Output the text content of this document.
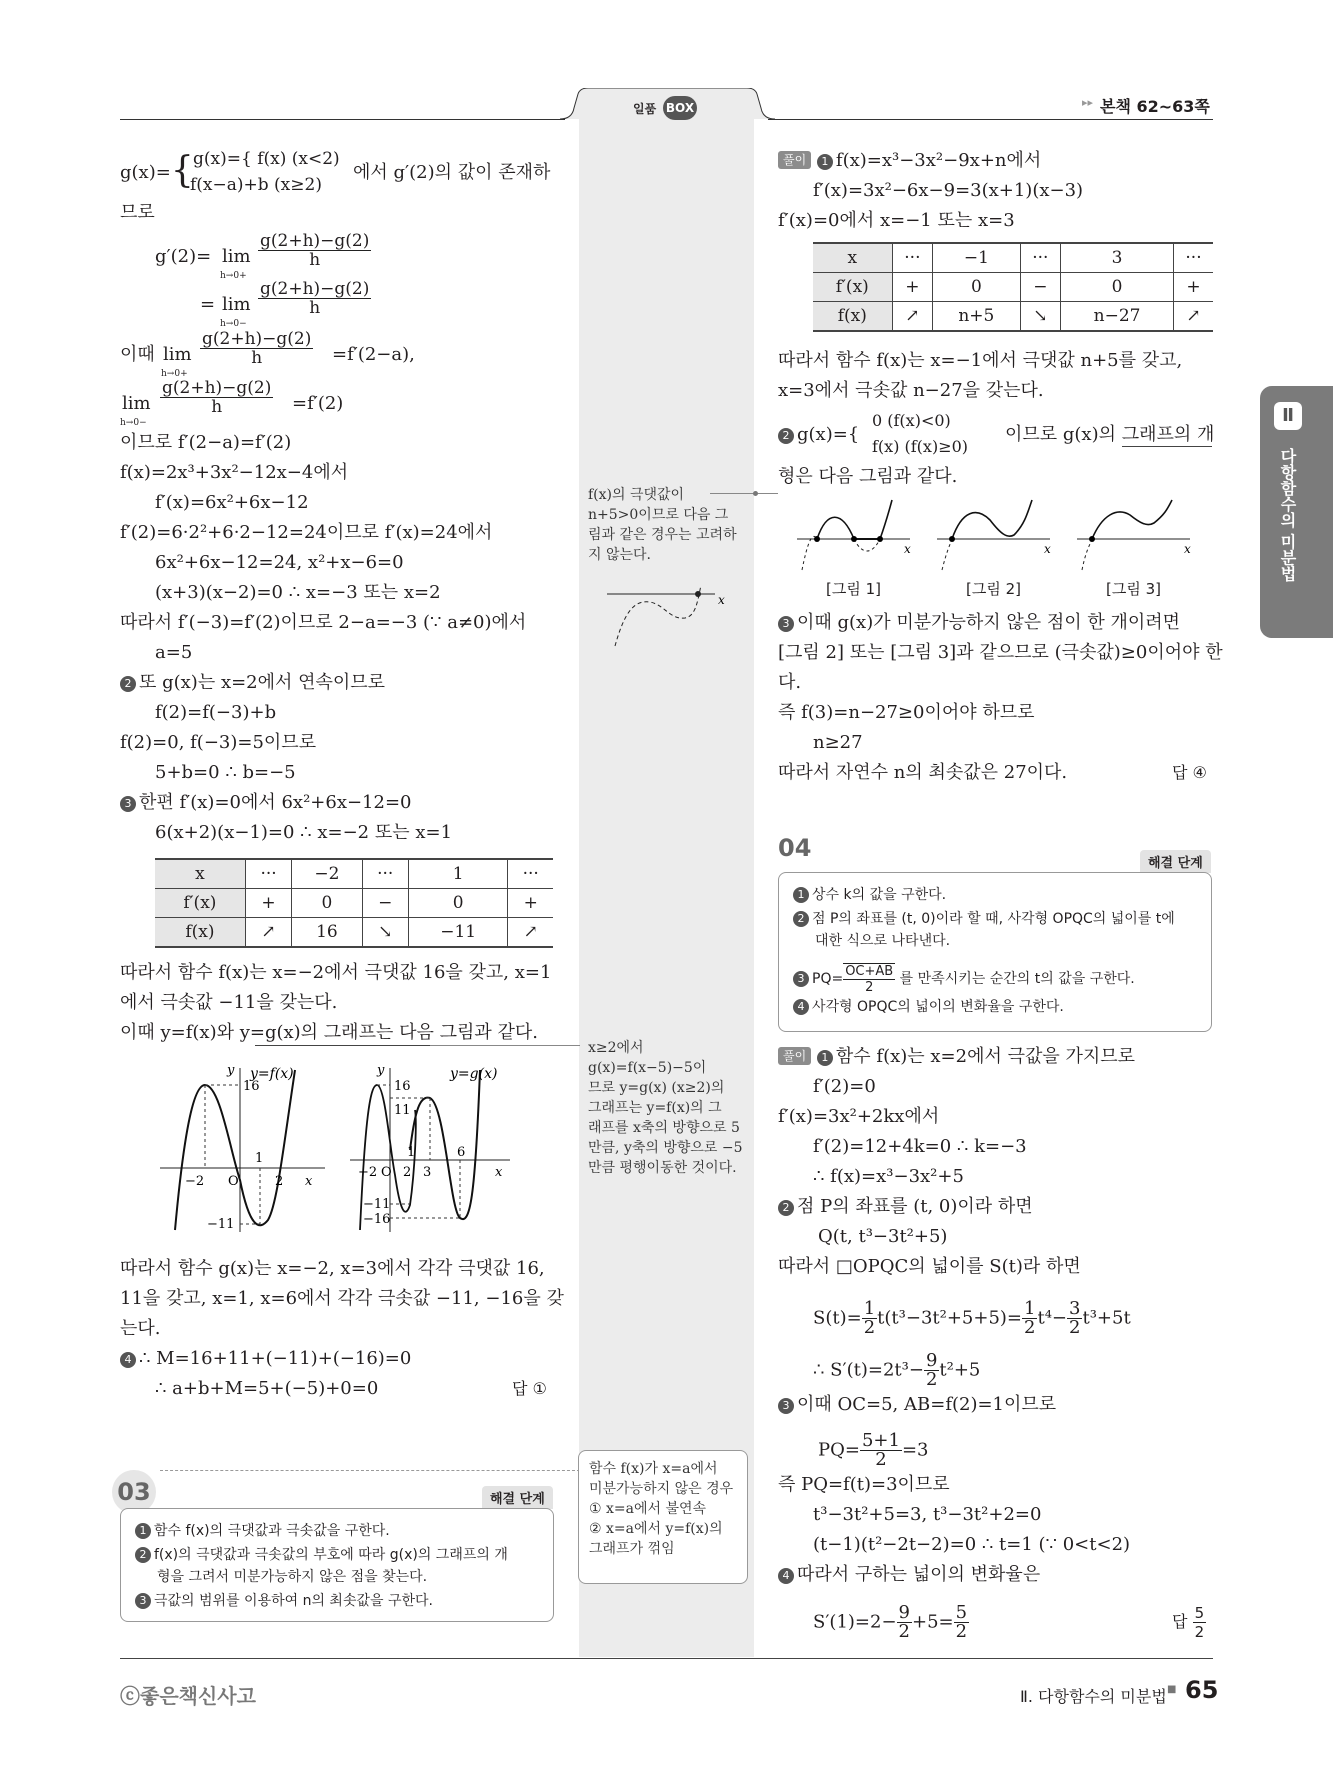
일품 BOX	▸▸ 본책 62~63쪽
Ⅱ
다항함수의 미분법
g(x)={ g(x)={ f(x) (x<2)
f(x−a)+b (x≥2)
에서 g′(2)의 값이 존재하
므로
g′(2)= lim
h→0+
$\frac{g(2+h)-g(2)}{h}$
= lim
h→0−
$\frac{g(2+h)-g(2)}{h}$
이때 lim
h→0+
$\frac{g(2+h)-g(2)}{h} =f'(2-a)$,
lim
h→0−
$\frac{g(2+h)-g(2)}{h} =f'(2)$
이므로 f′(2−a)=f′(2)
f(x)=2x³+3x²−12x−4에서
f′(x)=6x²+6x−12
f′(2)=6·2²+6·2−12=24이므로 f′(x)=24에서
6x²+6x−12=24, x²+x−6=0
(x+3)(x−2)=0 ∴ x=−3 또는 x=2
따라서 f′(−3)=f′(2)이므로 2−a=−3 (∵ a≠0)에서
a=5
2 또 g(x)는 x=2에서 연속이므로
f(2)=f(−3)+b
f(2)=0, f(−3)=5이므로
5+b=0 ∴ b=−5
3 한편 f′(x)=0에서 6x²+6x−12=0
6(x+2)(x−1)=0 ∴ x=−2 또는 x=1
x	···	−2	···	1	···
f′(x)	+	0	−	0	+
f(x)	↗	16	↘	−11	↗
따라서 함수 f(x)는 x=−2에서 극댓값 16을 갖고, x=1
에서 극솟값 −11을 갖는다.
이때 y=f(x)와 y=g(x)의 그래프는 다음 그림과 같다.
y y=f(x)
16
−11
−2 O
1
2 x
y	y=g(x)
16
11
−11
−16
−2 O
1
2 3
6
x
따라서 함수 g(x)는 x=−2, x=3에서 각각 극댓값 16,
11을 갖고, x=1, x=6에서 각각 극솟값 −11, −16을 갖
는다.
4 ∴ M=16+11+(−11)+(−16)=0
∴ a+b+M=5+(−5)+0=0	답 ①
03	해결 단계
1 함수 f(x)의 극댓값과 극솟값을 구한다.
2 f(x)의 극댓값과 극솟값의 부호에 따라 g(x)의 그래프의 개
형을 그려서 미분가능하지 않은 점을 찾는다.
3 극값의 범위를 이용하여 n의 최솟값을 구한다.
f(x)의 극댓값이
n+5>0이므로 다음 그
림과 같은 경우는 고려하
지 않는다.
x
x≥2에서
g(x)=f(x−5)−5이
므로 y=g(x) (x≥2)의
그래프는 y=f(x)의 그
래프를 x축의 방향으로 5
만큼, y축의 방향으로 −5
만큼 평행이동한 것이다.
함수 f(x)가 x=a에서
미분가능하지 않은 경우
① x=a에서 불연속
② x=a에서 y=f(x)의
그래프가 꺾임
풀이 1 f(x)=x³−3x²−9x+n에서
f′(x)=3x²−6x−9=3(x+1)(x−3)
f′(x)=0에서 x=−1 또는 x=3
x	···	−1	···	3	···
f′(x)	+	0	−	0	+
f(x)	↗	n+5	↘	n−27	↗
따라서 함수 f(x)는 x=−1에서 극댓값 n+5를 갖고,
x=3에서 극솟값 n−27을 갖는다.
2 g(x)={
0 (f(x)<0)
f(x) (f(x)≥0)
이므로 g(x)의 그래프의 개
형은 다음 그림과 같다.
x	x	x
[그림 1]	[그림 2]	[그림 3]
3 이때 g(x)가 미분가능하지 않은 점이 한 개이려면
[그림 2] 또는 [그림 3]과 같으므로 (극솟값)≥0이어야 한
다.
즉 f(3)=n−27≥0이어야 하므로
n≥27
따라서 자연수 n의 최솟값은 27이다.	답 ④
04
해결 단계
1 상수 k의 값을 구한다.
2 점 P의 좌표를 (t, 0)이라 할 때, 사각형 OPQC의 넓이를 t에
대한 식으로 나타낸다.
3 $PQ= \frac{OC+AB}{2}$ 를 만족시키는 순간의 t의 값을 구한다.
4 사각형 OPQC의 넓이의 변화율을 구한다.
풀이 1 함수 f(x)는 x=2에서 극값을 가지므로
f′(2)=0
f′(x)=3x²+2kx에서
f′(2)=12+4k=0 ∴ k=−3
∴ f(x)=x³−3x²+5
2 점 P의 좌표를 (t, 0)이라 하면
Q(t, t³−3t²+5)
따라서 □OPQC의 넓이를 S(t)라 하면
$S(t)= \frac{1}{2} t(t^3-3t^2+5+5)= \frac{1}{2} t^4- \frac{3}{2} t^3+5t$
∴ $S'(t)=2t^3- \frac{9}{2} t^2+5$
3 이때 OC=5, AB=f(2)=1이므로
$PQ= \frac{5+1}{2} =3$
즉 PQ=f(t)=3이므로
t³−3t²+5=3, t³−3t²+2=0
(t−1)(t²−2t−2)=0 ∴ t=1 (∵ 0<t<2)
4 따라서 구하는 넓이의 변화율은
$S'(1)=2- \frac{9}{2} +5= \frac{5}{2}$	답 $\frac{5}{2}$
ⓒ좋은책신사고	Ⅱ. 다항함수의 미분법 ■ 65
